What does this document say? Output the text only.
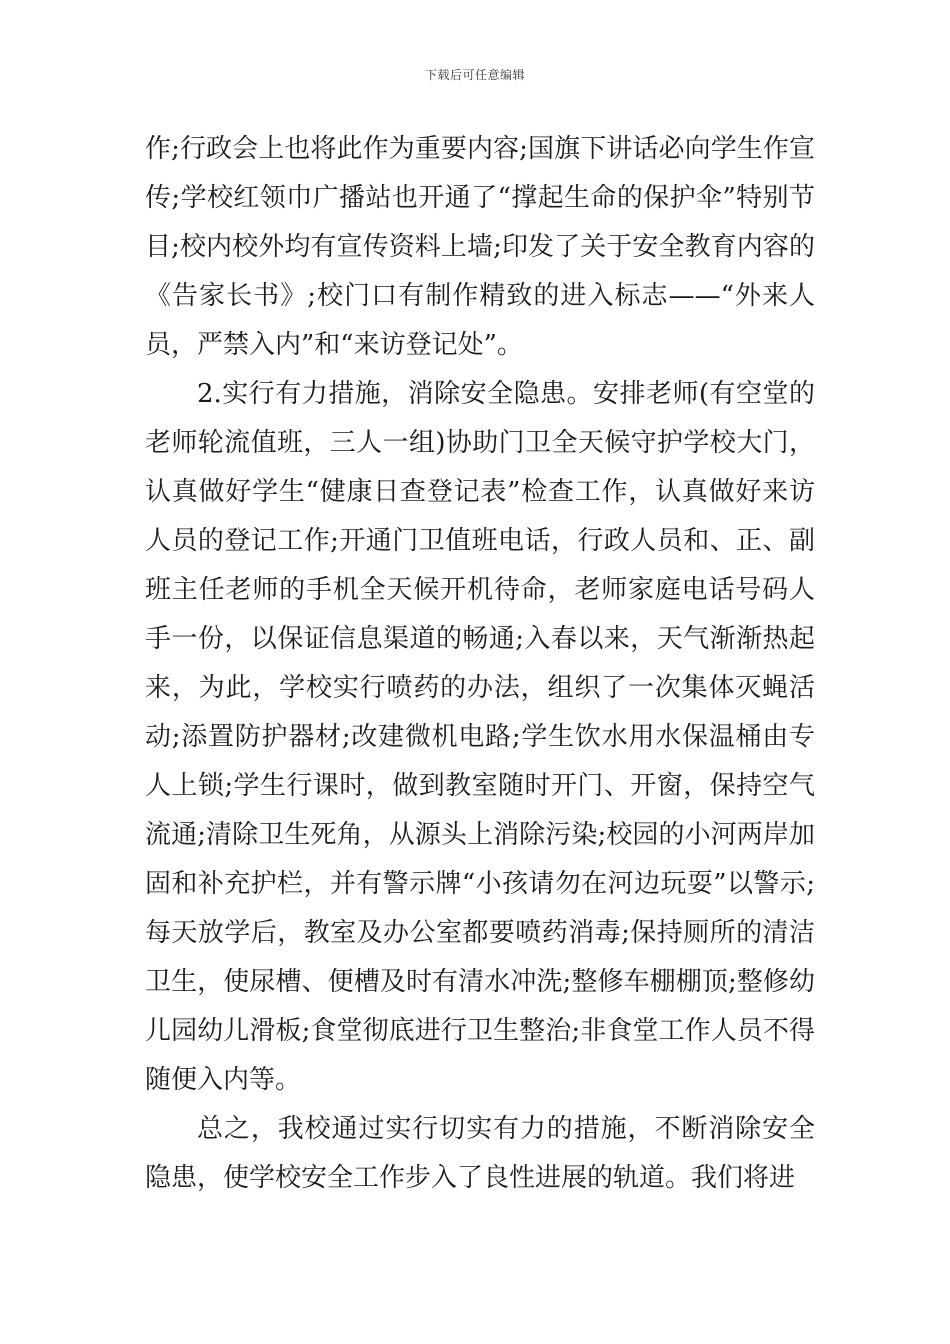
下载后可任意编辑

作;行政会上也将此作为重要内容;国旗下讲话必向学生作宣传;学校红领巾广播站也开通了“撑起生命的保护伞”特别节目;校内校外均有宣传资料上墙;印发了关于安全教育内容的《告家长书》;校门口有制作精致的进入标志——“外来人员，严禁入内”和“来访登记处”。

2.实行有力措施，消除安全隐患。安排老师(有空堂的老师轮流值班，三人一组)协助门卫全天候守护学校大门，认真做好学生“健康日查登记表”检查工作，认真做好来访人员的登记工作;开通门卫值班电话，行政人员和、正、副班主任老师的手机全天候开机待命，老师家庭电话号码人手一份，以保证信息渠道的畅通;入春以来，天气渐渐热起来，为此，学校实行喷药的办法，组织了一次集体灭蝇活动;添置防护器材;改建微机电路;学生饮水用水保温桶由专人上锁;学生行课时，做到教室随时开门、开窗，保持空气流通;清除卫生死角，从源头上消除污染;校园的小河两岸加固和补充护栏，并有警示牌“小孩请勿在河边玩耍”以警示;每天放学后，教室及办公室都要喷药消毒;保持厕所的清洁卫生，使尿槽、便槽及时有清水冲洗;整修车棚棚顶;整修幼儿园幼儿滑板;食堂彻底进行卫生整治;非食堂工作人员不得随便入内等。

总之，我校通过实行切实有力的措施，不断消除安全隐患，使学校安全工作步入了良性进展的轨道。我们将进
